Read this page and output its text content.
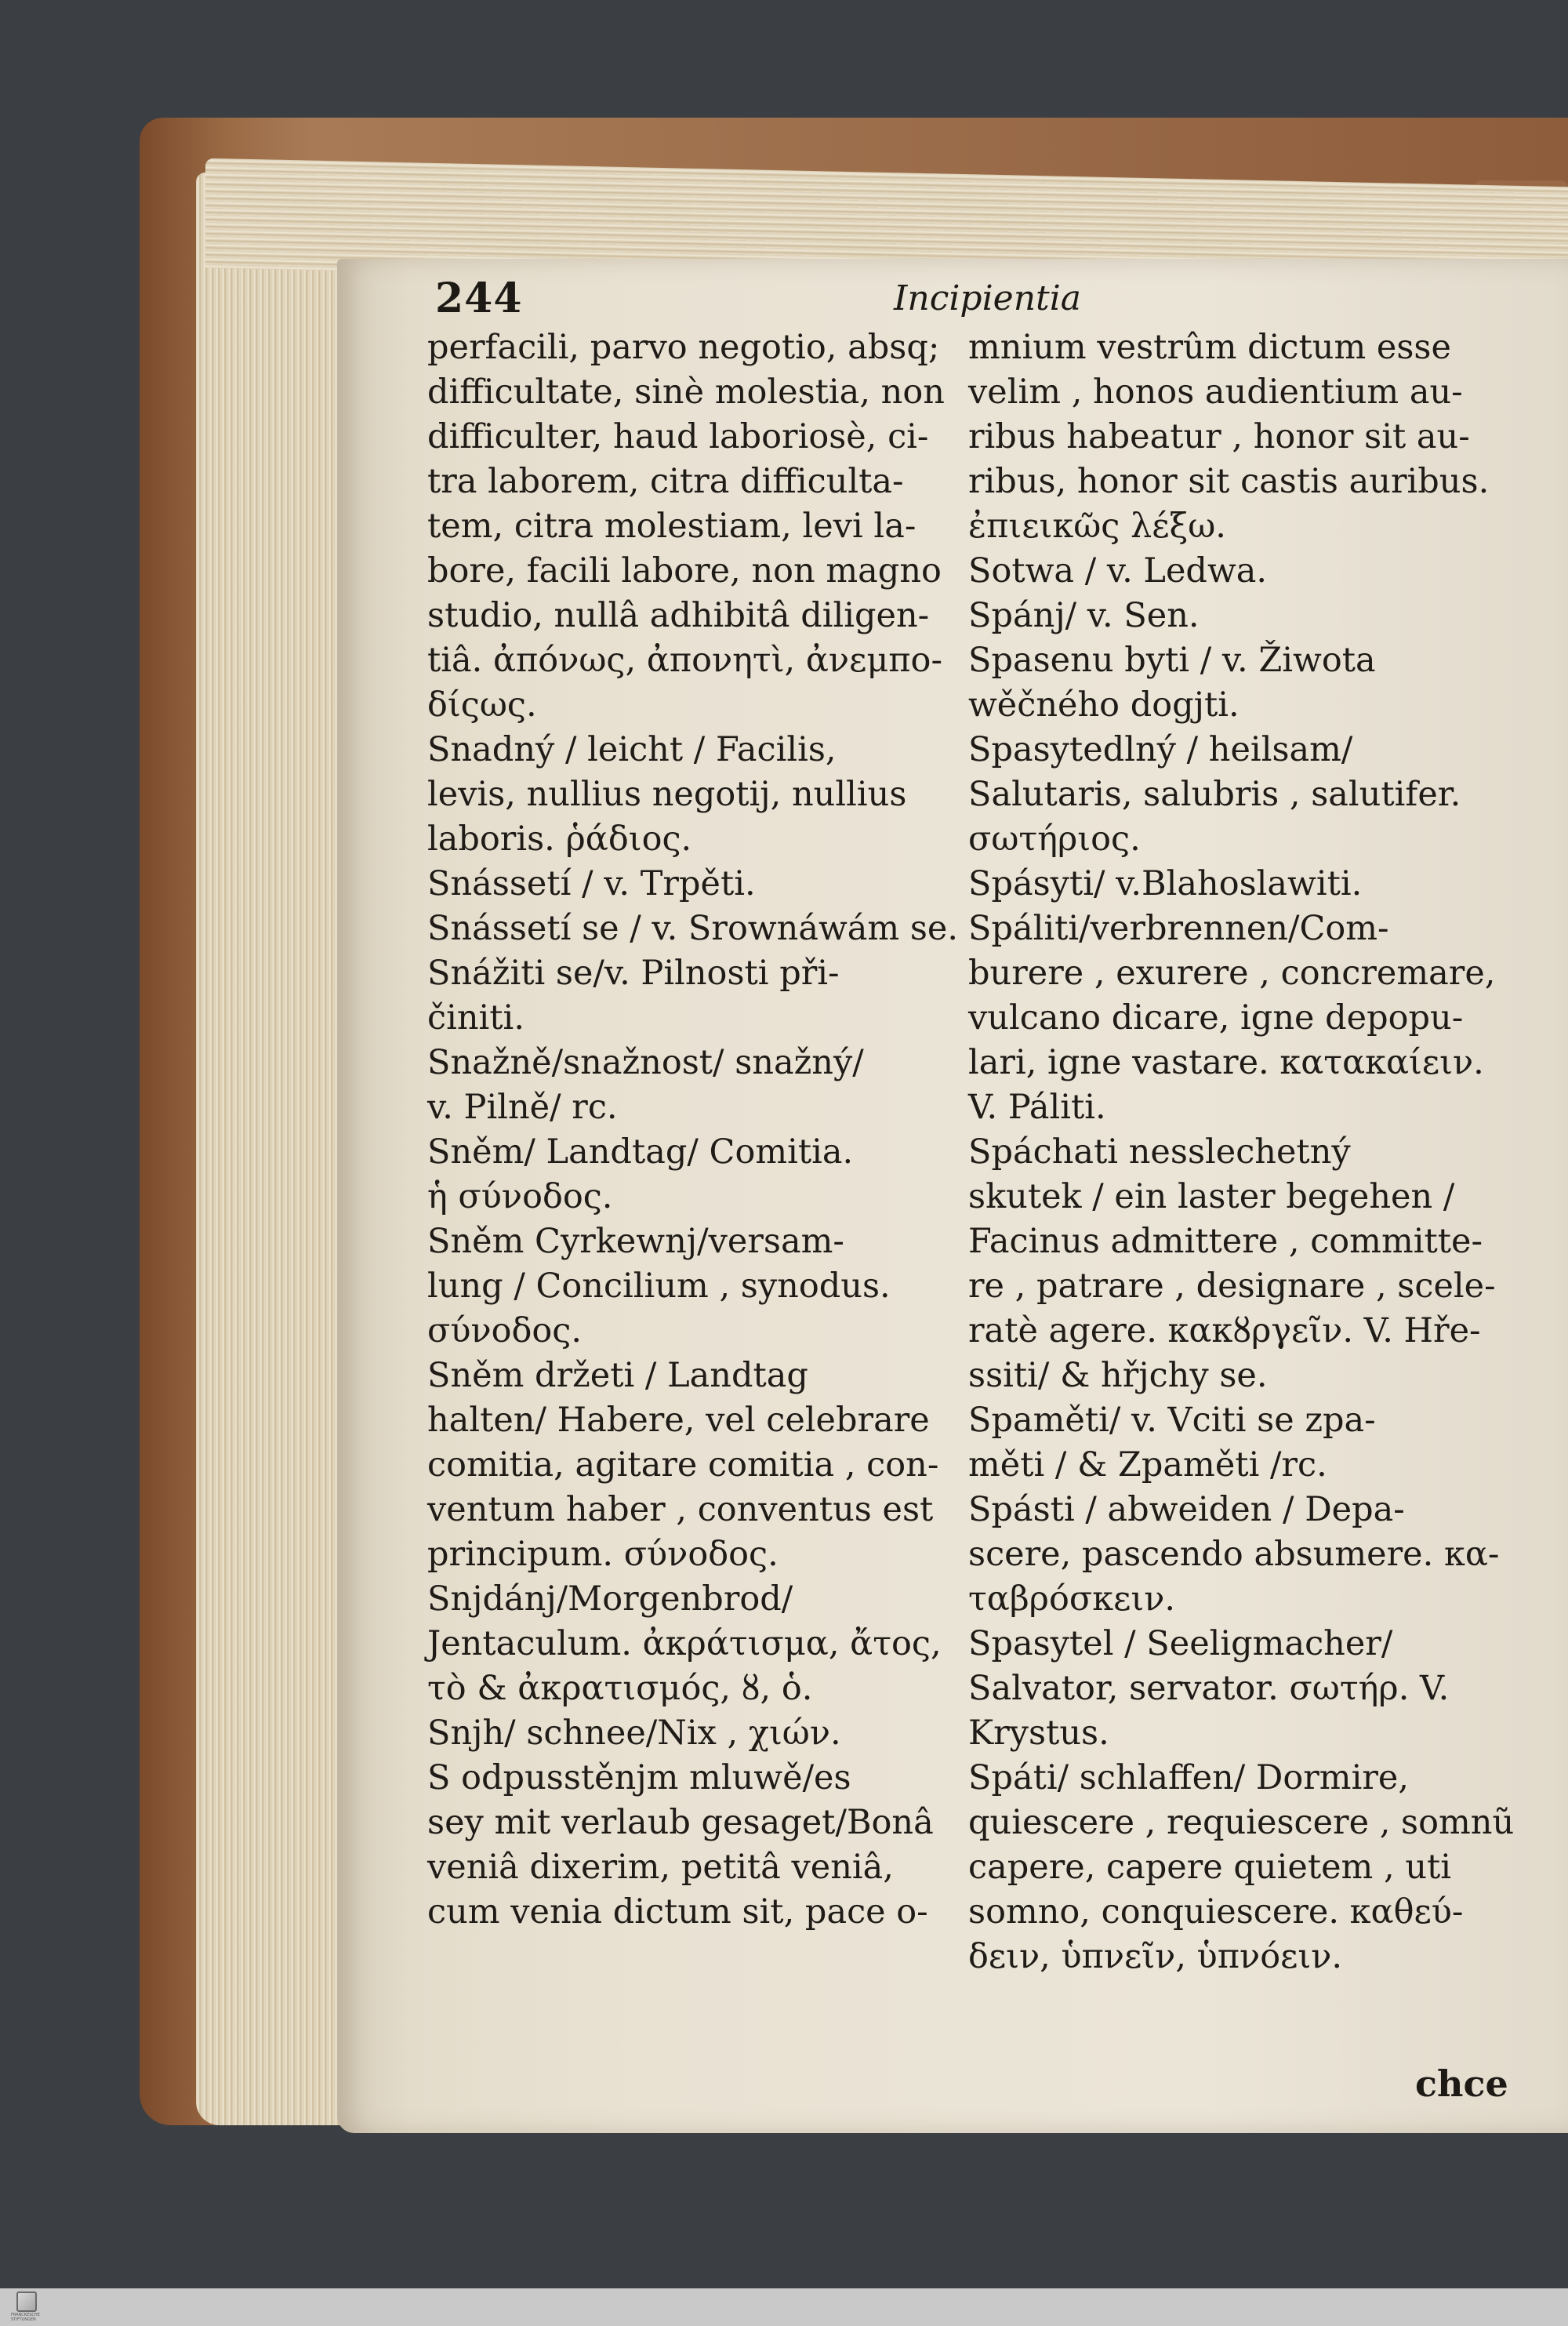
244	Incipientia
perfacili, parvo negotio, absq;
difficultate, sinè molestia, non
difficulter, haud laboriosè, ci-
tra laborem, citra difficulta-
tem, citra molestiam, levi la-
bore, facili labore, non magno
studio, nullâ adhibitâ diligen-
tiâ. ἀπόνως, ἀπονητὶ, ἀνεμπο-
δίςως.
Snadný / leicht / Facilis,
levis, nullius negotij, nullius
laboris. ῥάδιος.
Snássetí / v. Trpěti.
Snássetí se / v. Srownáwám se.
Snážiti se/v. Pilnosti při-
činiti.
Snažně/snažnost/ snažný/
v. Pilně/ rc.
Sněm/ Landtag/ Comitia.
ἡ σύνοδος.
Sněm Cyrkewnj/versam-
lung / Concilium , synodus.
σύνοδος.
Sněm držeti / Landtag
halten/ Habere, vel celebrare
comitia, agitare comitia , con-
ventum haber , conventus est
principum. σύνοδος.
Snjdánj/Morgenbrod/
Jentaculum. ἀκράτισμα, ἄτος,
τὸ & ἀκρατισμός, ȣ, ὁ.
Snjh/ schnee/Nix , χιών.
S odpusstěnjm mluwě/es
sey mit verlaub gesaget/Bonâ
veniâ dixerim, petitâ veniâ,
cum venia dictum sit, pace o-
mnium vestrûm dictum esse
velim , honos audientium au-
ribus habeatur , honor sit au-
ribus, honor sit castis auribus.
ἐπιεικῶς λέξω.
Sotwa / v. Ledwa.
Spánj/ v. Sen.
Spasenu byti / v. Žiwota
wěčného dogjti.
Spasytedlný / heilsam/
Salutaris, salubris , salutifer.
σωτήριος.
Spásyti/ v.Blahoslawiti.
Spáliti/verbrennen/Com-
burere , exurere , concremare,
vulcano dicare, igne depopu-
lari, igne vastare. κατακαίειν.
V. Páliti.
Spáchati nesslechetný
skutek / ein laster begehen /
Facinus admittere , committe-
re , patrare , designare , scele-
ratè agere. κακȣργεῖν. V. Hře-
ssiti/ & hřjchy se.
Spaměti/ v. Vciti se zpa-
měti / & Zpaměti /rc.
Spásti / abweiden / Depa-
scere, pascendo absumere. κα-
ταβρόσκειν.
Spasytel / Seeligmacher/
Salvator, servator. σωτήρ. V.
Krystus.
Spáti/ schlaffen/ Dormire,
quiescere , requiescere , somnũ
capere, capere quietem , uti
somno, conquiescere. καθεύ-
δειν, ὑπνεῖν, ὑπνόειν.
chce
FRANCKESCHE STIFTUNGEN
